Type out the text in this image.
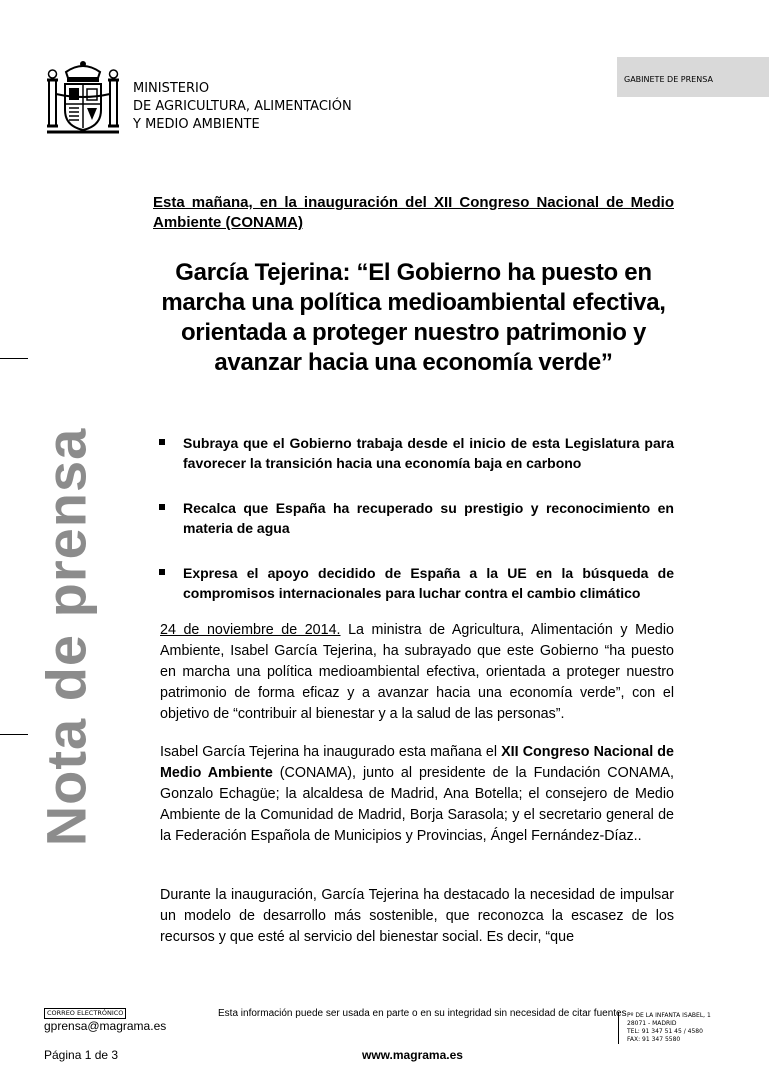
MINISTERIO
DE AGRICULTURA, ALIMENTACIÓN
Y MEDIO AMBIENTE
GABINETE DE PRENSA
Nota de prensa
Esta mañana, en la inauguración del XII Congreso Nacional de Medio Ambiente (CONAMA)
García Tejerina: “El Gobierno ha puesto en marcha una política medioambiental efectiva, orientada a proteger nuestro patrimonio y avanzar hacia una economía verde”
Subraya que el Gobierno trabaja desde el inicio de esta Legislatura para favorecer la transición hacia una economía baja en carbono
Recalca que España ha recuperado su prestigio y reconocimiento en materia de agua
Expresa el apoyo decidido de España a la UE en la búsqueda de compromisos internacionales para luchar contra el cambio climático
24 de noviembre de 2014. La ministra de Agricultura, Alimentación y Medio Ambiente, Isabel García Tejerina, ha subrayado que este Gobierno “ha puesto en marcha una política medioambiental efectiva, orientada a proteger nuestro patrimonio de forma eficaz y a avanzar hacia una economía verde”, con el objetivo de “contribuir al bienestar y a la salud de las personas”.
Isabel García Tejerina ha inaugurado esta mañana el XII Congreso Nacional de Medio Ambiente (CONAMA), junto al presidente de la Fundación CONAMA, Gonzalo Echagüe; la alcaldesa de Madrid, Ana Botella; el consejero de Medio Ambiente de la Comunidad de Madrid, Borja Sarasola; y el secretario general de la Federación Española de Municipios y Provincias, Ángel Fernández-Díaz..
Durante la inauguración, García Tejerina ha destacado la necesidad de impulsar un modelo de desarrollo más sostenible, que reconozca la escasez de los recursos y que esté al servicio del bienestar social. Es decir, “que
CORREO ELECTRÓNICO
gprensa@magrama.es
Esta información puede ser usada en parte o en su integridad sin necesidad de citar fuentes Pº DE LA INFANTA ISABEL, 1
28071 - MADRID
TEL: 91 347 51 45 / 4580
FAX: 91 347 5580
Página 1 de 3	www.magrama.es
